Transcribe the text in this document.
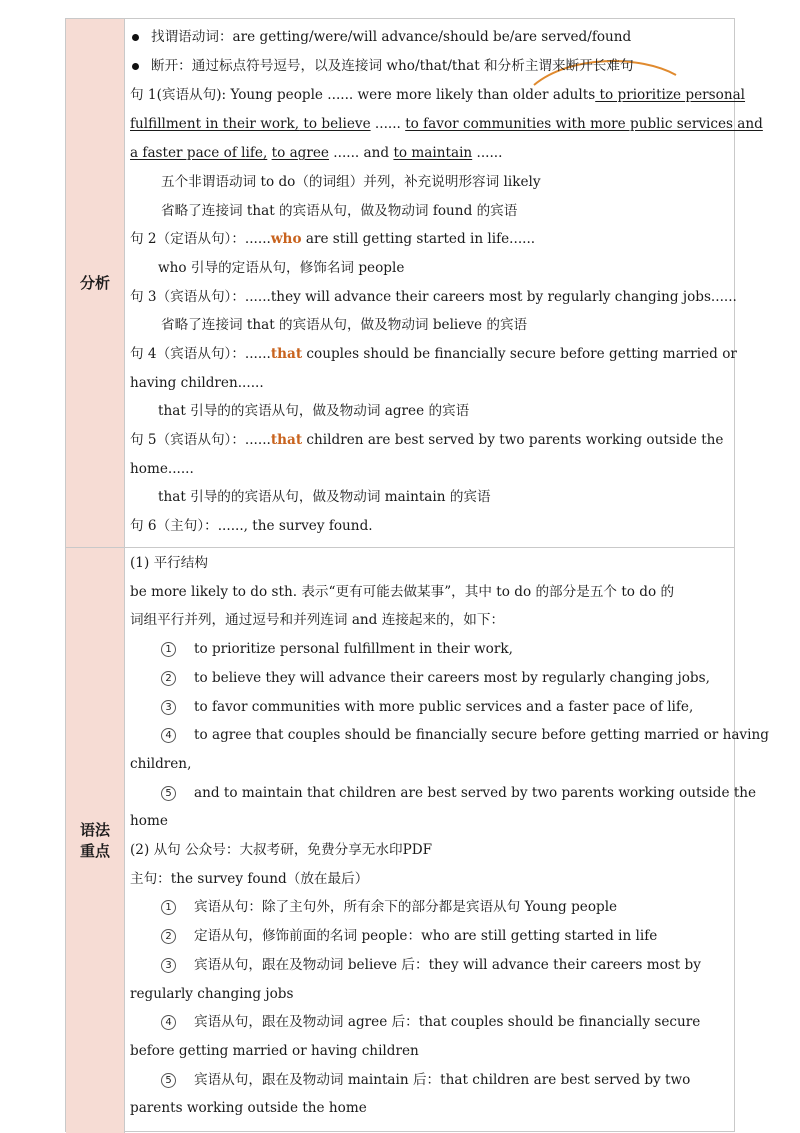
分析
找谓语动词：are getting/were/will advance/should be/are served/found
断开：通过标点符号逗号，以及连接词 who/that/that 和分析主谓来断开长难句
句 1(宾语从句): Young people ...... were more likely than older adults to prioritize personal
fulfillment in their work, to believe ...... to favor communities with more public services and
a faster pace of life, to agree ...... and to maintain ......
五个非谓语动词 to do（的词组）并列，补充说明形容词 likely
省略了连接词 that 的宾语从句，做及物动词 found 的宾语
句 2（定语从句）：......who are still getting started in life......
who 引导的定语从句，修饰名词 people
句 3（宾语从句）：......they will advance their careers most by regularly changing jobs......
省略了连接词 that 的宾语从句，做及物动词 believe 的宾语
句 4（宾语从句）：......that couples should be financially secure before getting married or
having children......
that 引导的的宾语从句，做及物动词 agree 的宾语
句 5（宾语从句）：......that children are best served by two parents working outside the
home......
that 引导的的宾语从句，做及物动词 maintain 的宾语
句 6（主句）：......, the survey found.
语法
重点
(1) 平行结构
be more likely to do sth. 表示“更有可能去做某事”，其中 to do 的部分是五个 to do 的
词组平行并列，通过逗号和并列连词 and 连接起来的，如下：
1 to prioritize personal fulfillment in their work,
2 to believe they will advance their careers most by regularly changing jobs,
3 to favor communities with more public services and a faster pace of life,
4 to agree that couples should be financially secure before getting married or having
children,
5 and to maintain that children are best served by two parents working outside the
home
(2) 从句 公众号：大叔考研，免费分享无水印PDF
主句：the survey found（放在最后）
1 宾语从句：除了主句外，所有余下的部分都是宾语从句 Young people
2 定语从句，修饰前面的名词 people：who are still getting started in life
3 宾语从句，跟在及物动词 believe 后：they will advance their careers most by
regularly changing jobs
4 宾语从句，跟在及物动词 agree 后：that couples should be financially secure
before getting married or having children
5 宾语从句，跟在及物动词 maintain 后：that children are best served by two
parents working outside the home
